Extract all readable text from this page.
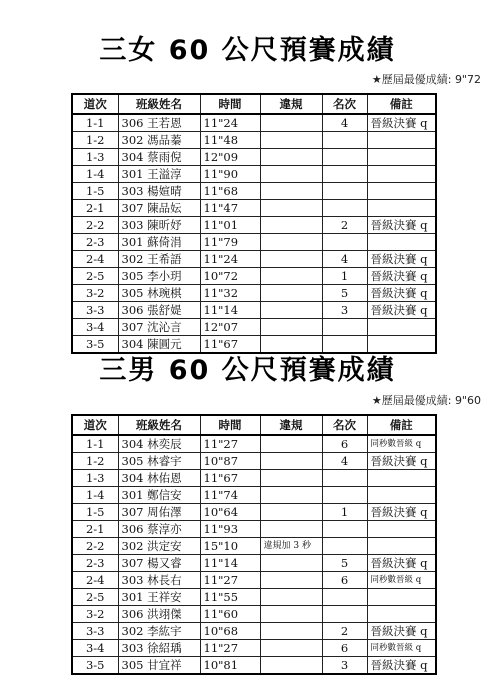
三女 60 公尺預賽成績
★歷屆最優成績: 9"72
道次	班級姓名	時間	違規	名次	備註
1-1	306 王若恩	11"24		4	晉級決賽 q
1-2	302 馮品蓁	11"48			
1-3	304 蔡雨倪	12"09			
1-4	301 王溢淳	11"90			
1-5	303 楊媗晴	11"68			
2-1	307 陳品妘	11"47			
2-2	303 陳昕妤	11"01		2	晉級決賽 q
2-3	301 蘇倚涓	11"79			
2-4	302 王希語	11"24		4	晉級決賽 q
2-5	305 李小玥	10"72		1	晉級決賽 q
3-2	305 林琬棋	11"32		5	晉級決賽 q
3-3	306 張舒媞	11"14		3	晉級決賽 q
3-4	307 沈沁言	12"07			
3-5	304 陳圓元	11"67			
三男 60 公尺預賽成績
★歷屆最優成績: 9"60
道次	班級姓名	時間	違規	名次	備註
1-1	304 林奕辰	11"27		6	同秒數晉級 q
1-2	305 林睿宇	10"87		4	晉級決賽 q
1-3	304 林佑恩	11"67			
1-4	301 鄭信安	11"74			
1-5	307 周佑澤	10"64		1	晉級決賽 q
2-1	306 蔡淳亦	11"93			
2-2	302 洪定安	15"10	違規加 3 秒		
2-3	307 楊又睿	11"14		5	晉級決賽 q
2-4	303 林長右	11"27		6	同秒數晉級 q
2-5	301 王祥安	11"55			
3-2	306 洪翊傑	11"60			
3-3	302 李紘宇	10"68		2	晉級決賽 q
3-4	303 徐紹瑀	11"27		6	同秒數晉級 q
3-5	305 甘宜祥	10"81		3	晉級決賽 q
